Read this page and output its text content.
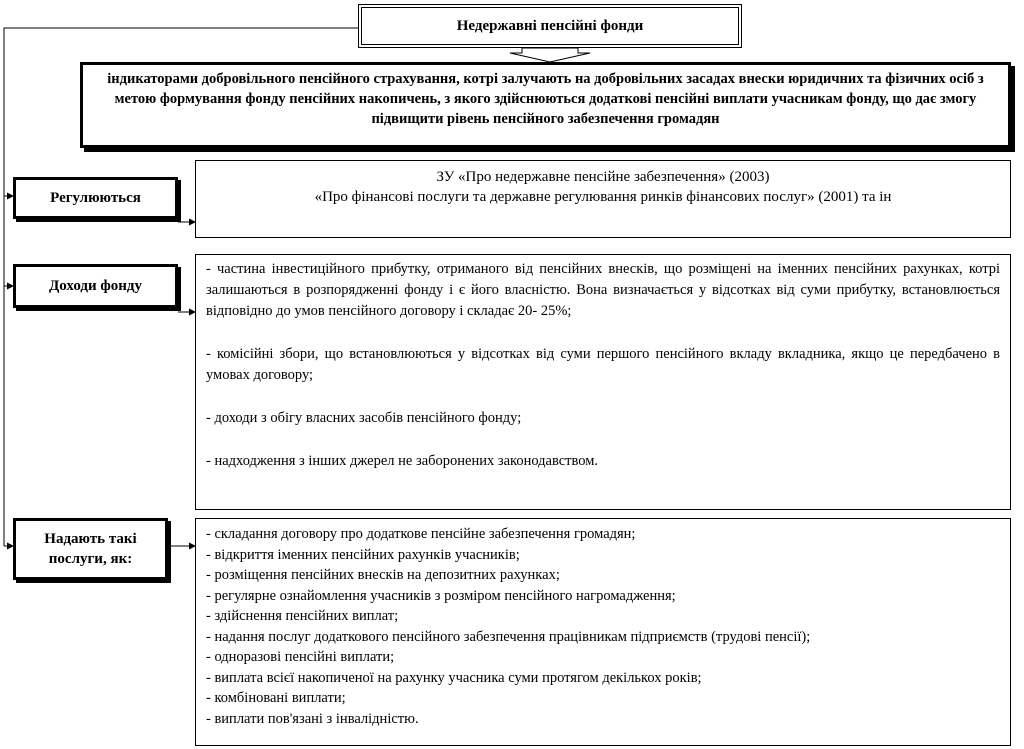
Недержавні пенсійні фонди
індикаторами добровільного пенсійного страхування, котрі залучають на добровільних засадах внески юридичних та фізичних осіб з метою формування фонду пенсійних накопичень, з якого здійснюються додаткові пенсійні виплати учасникам фонду, що дає змогу підвищити рівень пенсійного забезпечення громадян
Регулюються
ЗУ «Про недержавне пенсійне забезпечення» (2003)
«Про фінансові послуги та державне регулювання ринків фінансових послуг» (2001) та ін
Доходи фонду

- частина інвестиційного прибутку, отриманого від пенсійних внесків, що розміщені на іменних пенсійних рахунках, котрі залишаються в розпорядженні фонду і є його власністю. Вона визначається у відсотках від суми прибутку, встановлюється відповідно до умов пенсійного договору і складає 20- 25%;

- комісійні збори, що встановлюються у відсотках від суми першого пенсійного вкладу вкладника, якщо це передбачено в умовах договору;

- доходи з обігу власних засобів пенсійного фонду;

- надходження з інших джерел не заборонених законодавством.

Надають такі послуги, як:
- складання договору про додаткове пенсійне забезпечення громадян;
- відкриття іменних пенсійних рахунків учасників;
- розміщення пенсійних внесків на депозитних рахунках;
- регулярне ознайомлення учасників з розміром пенсійного нагромадження;
- здійснення пенсійних виплат;
- надання послуг додаткового пенсійного забезпечення працівникам підприємств (трудові пенсії);
- одноразові пенсійні виплати;
- виплата всієї накопиченої на рахунку учасника суми протягом декількох років;
- комбіновані виплати;
- виплати пов'язані з інвалідністю.
